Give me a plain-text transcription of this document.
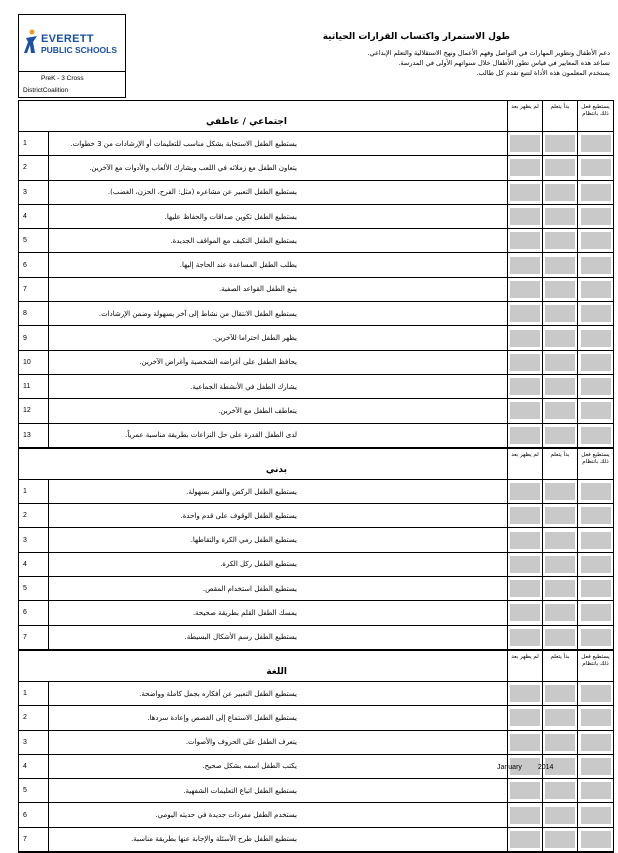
EVERETT
PUBLIC SCHOOLS
PreK - 3 Cross
DistrictCoalition
طول الاستمرار واكتساب القرارات الحياتية
دعم الأطفال وتطوير المهارات في التواصل وفهم الأعمال ونهج الاستقلالية والتعلم الإبداعي.
تساعد هذه المعايير في قياس تطور الأطفال خلال سنواتهم الأولى في المدرسة.
يستخدم المعلمون هذه الأداة لتتبع تقدم كل طالب.
اجتماعي / عاطفي
لم يظهر بعد	بدأ يتعلم	يستطيع فعل ذلك بانتظام
1	يستطيع الطفل الاستجابة بشكل مناسب للتعليمات أو الإرشادات من 3 خطوات.
2	يتعاون الطفل مع زملائه في اللعب ويشارك الألعاب والأدوات مع الآخرين.
3	يستطيع الطفل التعبير عن مشاعره (مثل: الفرح، الحزن، الغضب).
4	يستطيع الطفل تكوين صداقات والحفاظ عليها.
5	يستطيع الطفل التكيف مع المواقف الجديدة.
6	يطلب الطفل المساعدة عند الحاجة إليها.
7	يتبع الطفل القواعد الصفية.
8	يستطيع الطفل الانتقال من نشاط إلى آخر بسهولة وضمن الإرشادات.
9	يظهر الطفل احتراما للآخرين.
10	يحافظ الطفل على أغراضه الشخصية وأغراض الآخرين.
11	يشارك الطفل في الأنشطة الجماعية.
12	يتعاطف الطفل مع الآخرين.
13	لدى الطفل القدرة على حل النزاعات بطريقة مناسبة عمرياً.
بدني
لم يظهر بعد	بدأ يتعلم	يستطيع فعل ذلك بانتظام
1	يستطيع الطفل الركض والقفز بسهولة.
2	يستطيع الطفل الوقوف على قدم واحدة.
3	يستطيع الطفل رمي الكرة والتقاطها.
4	يستطيع الطفل ركل الكرة.
5	يستطيع الطفل استخدام المقص.
6	يمسك الطفل القلم بطريقة صحيحة.
7	يستطيع الطفل رسم الأشكال البسيطة.
اللغة
لم يظهر بعد	بدأ يتعلم	يستطيع فعل ذلك بانتظام
1	يستطيع الطفل التعبير عن أفكاره بجمل كاملة وواضحة.
2	يستطيع الطفل الاستماع إلى القصص وإعادة سردها.
3	يتعرف الطفل على الحروف والأصوات.
4	يكتب الطفل اسمه بشكل صحيح.
5	يستطيع الطفل اتباع التعليمات الشفهية.
6	يستخدم الطفل مفردات جديدة في حديثه اليومي.
7	يستطيع الطفل طرح الأسئلة والإجابة عنها بطريقة مناسبة.
January 2014
